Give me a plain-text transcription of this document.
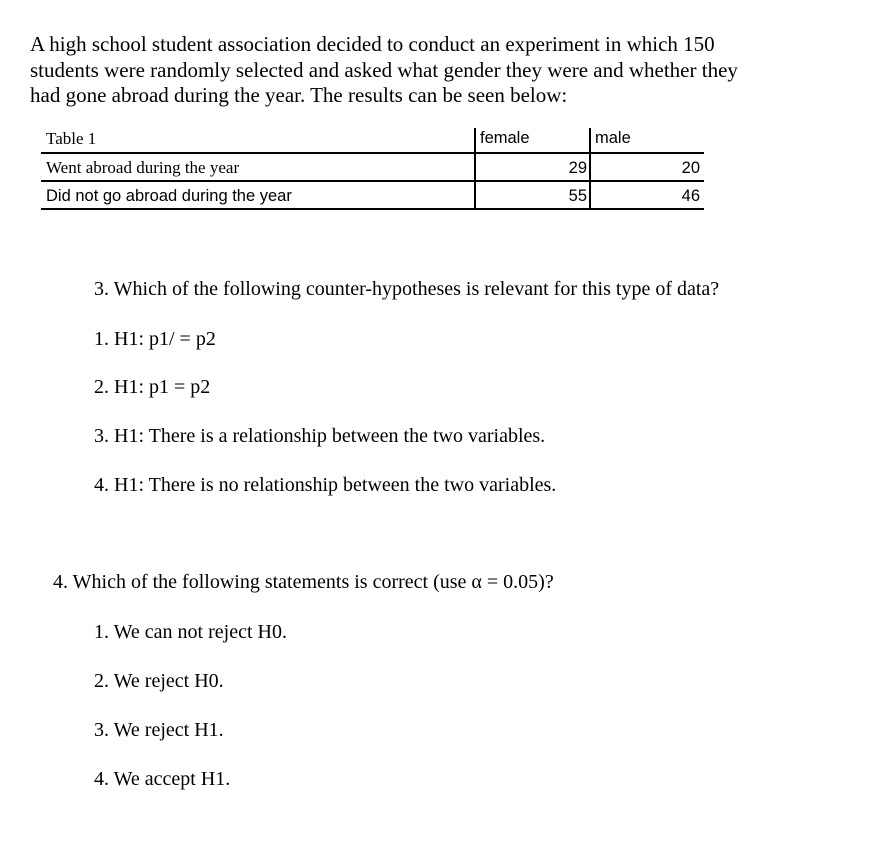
A high school student association decided to conduct an experiment in which 150

students were randomly selected and asked what gender they were and whether they

had gone abroad during the year. The results can be seen below:

Table 1	female	male
Went abroad during the year	29	20
Did not go abroad during the year	55	46
3. Which of the following counter-hypotheses is relevant for this type of data?
1. H1: p1/ = p2
2. H1: p1 = p2
3. H1: There is a relationship between the two variables.
4. H1: There is no relationship between the two variables.
4. Which of the following statements is correct (use α = 0.05)?
1. We can not reject H0.
2. We reject H0.
3. We reject H1.
4. We accept H1.
